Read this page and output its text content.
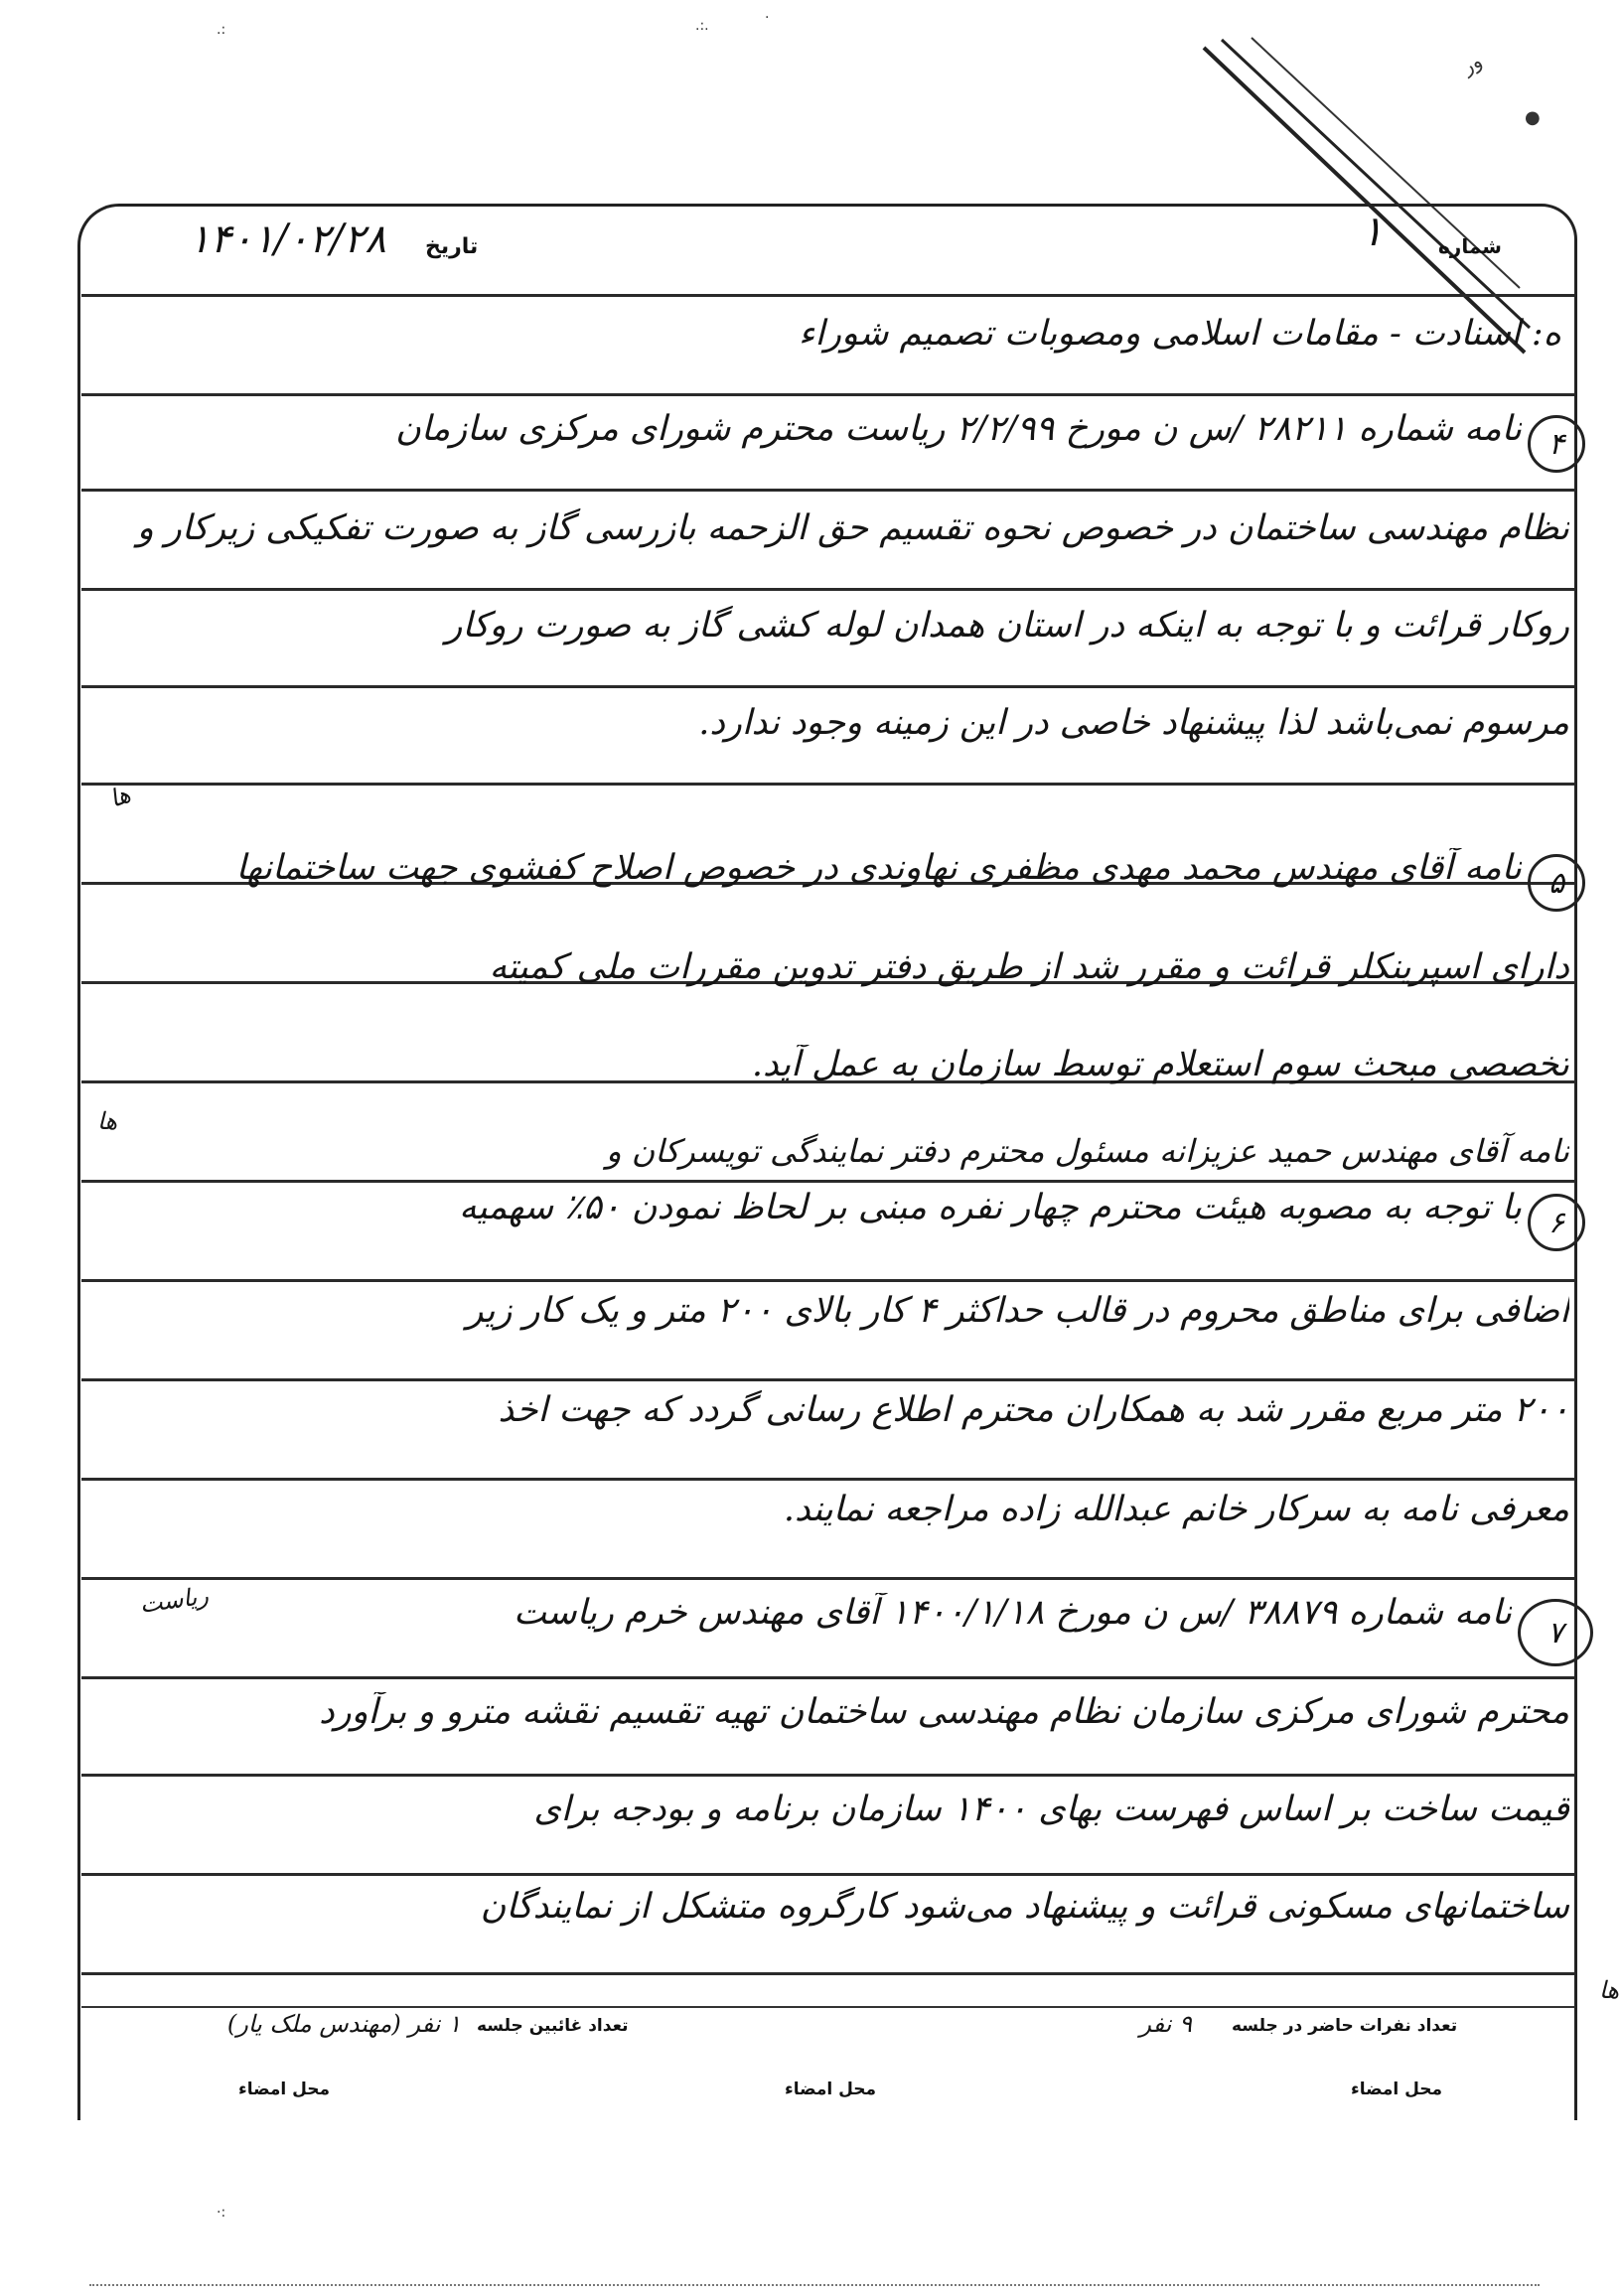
.:	.:.	·
●
·:
ﻭﺭ
شماره
۱
تاریخ
۱۴۰۱/۰۲/۲۸
ه: اسنادت - مقامات اسلامی ومصوبات تصمیم شوراء
۴
نامه شماره ۲۸۲۱۱ /س ن مورخ ۲/۲/۹۹ ریاست محترم شورای مرکزی سازمان
نظام مهندسی ساختمان در خصوص نحوه تقسیم حق الزحمه بازرسی گاز به صورت تفکیکی زیرکار و
روکار قرائت و با توجه به اینکه در استان همدان لوله کشی گاز به صورت روکار
مرسوم نمی‌باشد لذا پیشنهاد خاصی در این زمینه وجود ندارد.
ها
۵
نامه آقای مهندس محمد مهدی مظفری نهاوندی در خصوص اصلاح کفشوی جهت ساختمانها
دارای اسپرینکلر قرائت و مقرر شد از طریق دفتر تدوین مقررات ملی کمیته
تخصصی مبحث سوم استعلام توسط سازمان به عمل آید.
ها
نامه آقای مهندس حمید عزیزانه مسئول محترم دفتر نمایندگی تویسرکان و
۶
با توجه به مصوبه هیئت محترم چهار نفره مبنی بر لحاظ نمودن ۵۰٪ سهمیه
اضافی برای مناطق محروم در قالب حداکثر ۴ کار بالای ۲۰۰ متر و یک کار زیر
۲۰۰ متر مربع مقرر شد به همکاران محترم اطلاع رسانی گردد که جهت اخذ
معرفی نامه به سرکار خانم عبدالله زاده مراجعه نمایند.
ریاست
۷
نامه شماره ۳۸۸۷۹ /س ن مورخ ۱۴۰۰/۱/۱۸ آقای مهندس خرم ریاست
محترم شورای مرکزی سازمان نظام مهندسی ساختمان تهیه تقسیم نقشه مترو و برآورد
قیمت ساخت بر اساس فهرست بهای ۱۴۰۰ سازمان برنامه و بودجه برای
ساختمانهای مسکونی قرائت و پیشنهاد می‌شود کارگروه متشکل از نمایندگان
ها
تعداد نفرات حاضر در جلسه
۹ نفر
تعداد غائبین جلسه
۱ نفر (مهندس ملک یار)
محل امضاء
محل امضاء
محل امضاء
